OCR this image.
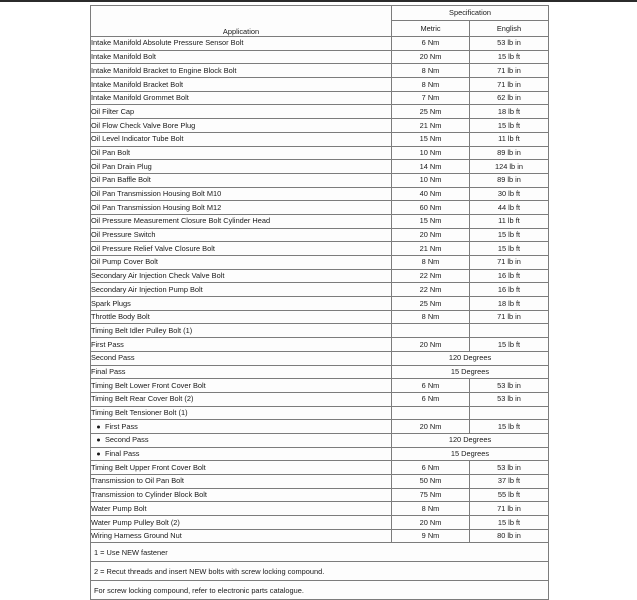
Application	Specification	
	Metric	English
Intake Manifold Absolute Pressure Sensor Bolt	6 Nm	53 lb in
Intake Manifold Bolt	20 Nm	15 lb ft
Intake Manifold Bracket to Engine Block Bolt	8 Nm	71 lb in
Intake Manifold Bracket Bolt	8 Nm	71 lb in
Intake Manifold Grommet Bolt	7 Nm	62 lb in
Oil Filter Cap	25 Nm	18 lb ft
Oil Flow Check Valve Bore Plug	21 Nm	15 lb ft
Oil Level Indicator Tube Bolt	15 Nm	11 lb ft
Oil Pan Bolt	10 Nm	89 lb in
Oil Pan Drain Plug	14 Nm	124 lb in
Oil Pan Baffle Bolt	10 Nm	89 lb in
Oil Pan Transmission Housing Bolt M10	40 Nm	30 lb ft
Oil Pan Transmission Housing Bolt M12	60 Nm	44 lb ft
Oil Pressure Measurement Closure Bolt Cylinder Head	15 Nm	11 lb ft
Oil Pressure Switch	20 Nm	15 lb ft
Oil Pressure Relief Valve Closure Bolt	21 Nm	15 lb ft
Oil Pump Cover Bolt	8 Nm	71 lb in
Secondary Air Injection Check Valve Bolt	22 Nm	16 lb ft
Secondary Air Injection Pump Bolt	22 Nm	16 lb ft
Spark Plugs	25 Nm	18 lb ft
Throttle Body Bolt	8 Nm	71 lb in
Timing Belt Idler Pulley Bolt (1)		
First Pass	20 Nm	15 lb ft
Second Pass	120 Degrees	
Final Pass	15 Degrees	
Timing Belt Lower Front Cover Bolt	6 Nm	53 lb in
Timing Belt Rear Cover Bolt (2)	6 Nm	53 lb in
Timing Belt Tensioner Bolt (1)		

First Pass	20 Nm	15 lb ft

Second Pass	120 Degrees	

Final Pass	15 Degrees	
Timing Belt Upper Front Cover Bolt	6 Nm	53 lb in
Transmission to Oil Pan Bolt	50 Nm	37 lb ft
Transmission to Cylinder Block Bolt	75 Nm	55 lb ft
Water Pump Bolt	8 Nm	71 lb in
Water Pump Pulley Bolt (2)	20 Nm	15 lb ft
Wiring Harness Ground Nut	9 Nm	80 lb in
1 = Use NEW fastener		
2 = Recut threads and insert NEW bolts with screw locking compound.		
For screw locking compound, refer to electronic parts catalogue.		
